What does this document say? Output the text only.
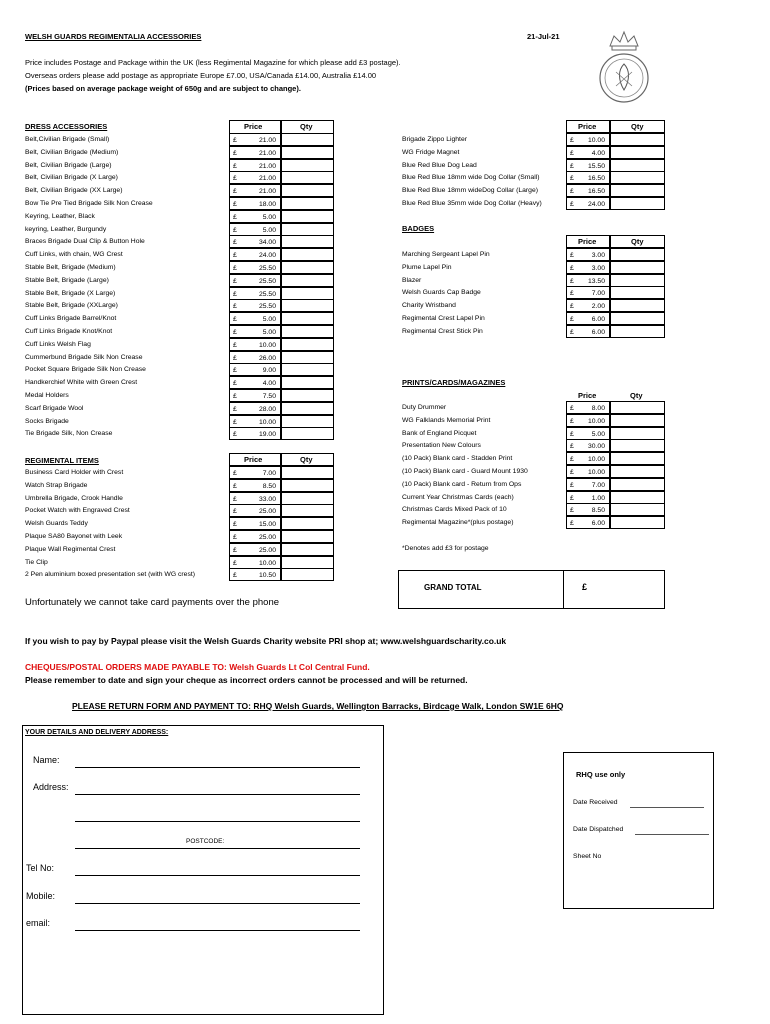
WELSH GUARDS REGIMENTALIA ACCESSORIES	21-Jul-21
Price includes Postage and Package within the UK (less Regimental Magazine for which please add £3 postage).
Overseas orders please add postage as appropriate Europe £7.00, USA/Canada £14.00, Australia £14.00
(Prices based on average package weight of 650g and are subject to change).
DRESS ACCESSORIES	Price	Qty
Belt,Civilian Brigade (Small)	£	21.00
Belt, Civilian Brigade (Medium)	£	21.00
Belt, Civilian Brigade (Large)	£	21.00
Belt, Civilian Brigade (X Large)	£	21.00
Belt, Civilian Brigade (XX Large)	£	21.00
Bow Tie Pre Tied Brigade Silk Non Crease	£	18.00
Keyring, Leather, Black	£	5.00
keyring, Leather, Burgundy	£	5.00
Braces Brigade Dual Clip & Button Hole	£	34.00
Cuff Links, with chain, WG Crest	£	24.00
Stable Belt, Brigade (Medium)	£	25.50
Stable Belt, Brigade (Large)	£	25.50
Stable Belt, Brigade (X Large)	£	25.50
Stable Belt, Brigade (XXLarge)	£	25.50
Cuff Links Brigade Barrel/Knot	£	5.00
Cuff Links Brigade Knot/Knot	£	5.00
Cuff Links Welsh Flag	£	10.00
Cummerbund Brigade Silk Non Crease	£	26.00
Pocket Square Brigade Silk Non Crease	£	9.00
Handkerchief White with Green Crest	£	4.00
Medal Holders	£	7.50
Scarf Brigade Wool	£	28.00
Socks Brigade	£	10.00
Tie Brigade Silk, Non Crease	£	19.00
REGIMENTAL ITEMS	Price	Qty
Business Card Holder with Crest	£	7.00
Watch Strap Brigade	£	8.50
Umbrella Brigade, Crook Handle	£	33.00
Pocket Watch with Engraved Crest	£	25.00
Welsh Guards Teddy	£	15.00
Plaque SA80 Bayonet with Leek	£	25.00
Plaque Wall Regimental Crest	£	25.00
Tie Clip	£	10.00
2 Pen aluminium boxed presentation set (with WG crest)	£	10.50
Price	Qty
Brigade Zippo Lighter	£ 10.00
WG Fridge Magnet	£	4.00
Blue Red Blue Dog Lead	£ 15.50
Blue Red Blue 18mm wide Dog Collar (Small)	£ 16.50
Blue Red Blue 18mm wideDog Collar (Large)	£ 16.50
Blue Red Blue 35mm wide Dog Collar (Heavy)	£ 24.00
BADGES
Price	Qty
Marching Sergeant Lapel Pin	£	3.00
Plume Lapel Pin	£	3.00
Blazer	£ 13.50
Welsh Guards Cap Badge	£	7.00
Charity Wristband	£	2.00
Regimental Crest Lapel Pin	£	6.00
Regimental Crest Stick Pin	£	6.00
PRINTS/CARDS/MAGAZINES
Price	Qty
Duty Drummer	£	8.00
WG Falklands Memorial Print	£ 10.00
Bank of England Picquet	£	5.00
Presentation New Colours	£ 30.00
(10 Pack) Blank card - Stadden Print	£ 10.00
(10 Pack) Blank card - Guard Mount 1930	£ 10.00
(10 Pack) Blank card - Return from Ops	£	7.00
Current Year Christmas Cards (each)	£	1.00
Christmas Cards Mixed Pack of 10	£	8.50
Regimental Magazine*(plus postage)	£	6.00
*Denotes add £3 for postage
GRAND TOTAL	£
Unfortunately we cannot take card payments over the phone
If you wish to pay by Paypal please visit the Welsh Guards Charity website PRI shop at; www.welshguardscharity.co.uk
CHEQUES/POSTAL ORDERS MADE PAYABLE TO: Welsh Guards Lt Col Central Fund.
Please remember to date and sign your cheque as incorrect orders cannot be processed and will be returned.
PLEASE RETURN FORM AND PAYMENT TO: RHQ Welsh Guards, Wellington Barracks, Birdcage Walk, London SW1E 6HQ
YOUR DETAILS AND DELIVERY ADDRESS:
Name:
Address:
POSTCODE:
Tel No:
Mobile:
email:
RHQ use only
Date Received
Date Dispatched
Sheet No
